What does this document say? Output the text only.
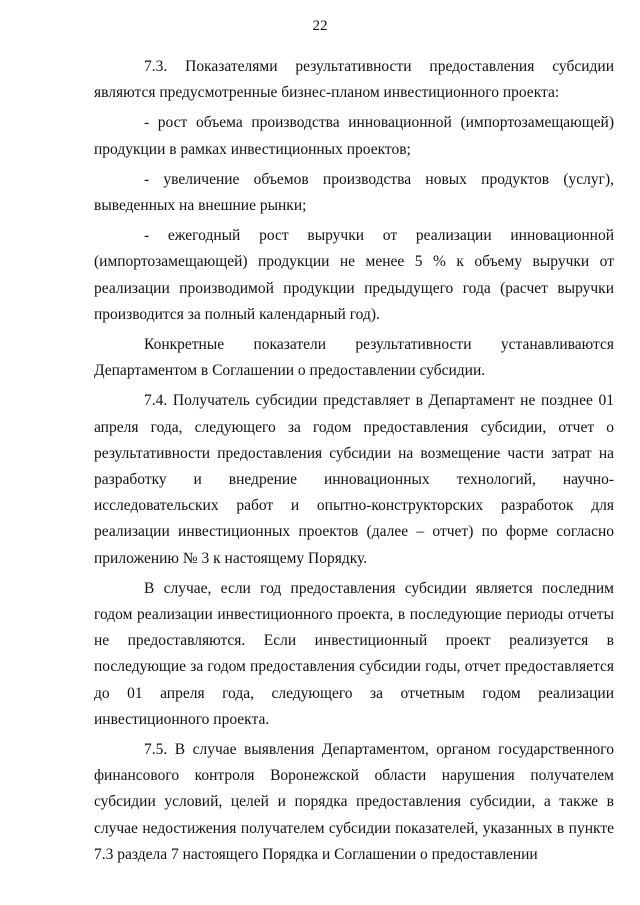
22

7.3. Показателями результативности предоставления субсидии являются предусмотренные бизнес-планом инвестиционного проекта:

- рост объема производства инновационной (импортозамещающей) продукции в рамках инвестиционных проектов;

- увеличение объемов производства новых продуктов (услуг), выведенных на внешние рынки;

- ежегодный рост выручки от реализации инновационной (импортозамещающей) продукции не менее 5 % к объему выручки от реализации производимой продукции предыдущего года (расчет выручки производится за полный календарный год).

Конкретные показатели результативности устанавливаются Департаментом в Соглашении о предоставлении субсидии.

7.4. Получатель субсидии представляет в Департамент не позднее 01 апреля года, следующего за годом предоставления субсидии, отчет о результативности предоставления субсидии на возмещение части затрат на разработку и внедрение инновационных технологий, научно-исследовательских работ и опытно-конструкторских разработок для реализации инвестиционных проектов (далее – отчет) по форме согласно приложению № 3 к настоящему Порядку.

В случае, если год предоставления субсидии является последним годом реализации инвестиционного проекта, в последующие периоды отчеты не предоставляются. Если инвестиционный проект реализуется в последующие за годом предоставления субсидии годы, отчет предоставляется до 01 апреля года, следующего за отчетным годом реализации инвестиционного проекта.

7.5. В случае выявления Департаментом, органом государственного финансового контроля Воронежской области нарушения получателем субсидии условий, целей и порядка предоставления субсидии, а также в случае недостижения получателем субсидии показателей, указанных в пункте 7.3 раздела 7 настоящего Порядка и Соглашении о предоставлении
